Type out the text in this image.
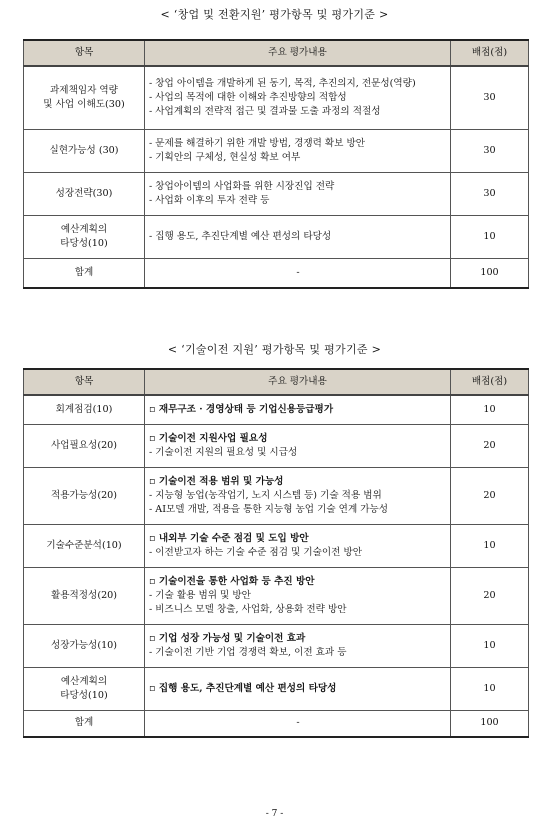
< ‘창업 및 전환지원’ 평가항목 및 평가기준 >
항목	주요 평가내용	배점(점)

과제책임자 역량
및 사업 이해도(30)	- 창업 아이템을 개발하게 된 동기, 목적, 추진의지, 전문성(역량)
- 사업의 목적에 대한 이해와 추진방향의 적합성
- 사업계획의 전략적 접근 및 결과물 도출 과정의 적절성	30

실현가능성 (30)	- 문제를 해결하기 위한 개발 방법, 경쟁력 확보 방안
- 기획안의 구체성, 현실성 확보 여부	30

성장전략(30)	- 창업아이템의 사업화를 위한 시장진입 전략
- 사업화 이후의 투자 전략 등	30

예산계획의
타당성(10)	- 집행 용도, 추진단계별 예산 편성의 타당성	10

합계	-	100
< ‘기술이전 지원’ 평가항목 및 평가기준 >
항목	주요 평가내용	배점(점)

회계점검(10)	▫ 재무구조 · 경영상태 등 기업신용등급평가	10

사업필요성(20)	▫ 기술이전 지원사업 필요성
- 기술이전 지원의 필요성 및 시급성	20

적용가능성(20)	▫ 기술이전 적용 범위 및 가능성
- 지능형 농업(농작업기, 노지 시스템 등) 기술 적용 범위
- AI모델 개발, 적용을 통한 지능형 농업 기술 연계 가능성	20

기술수준분석(10)	▫ 내외부 기술 수준 점검 및 도입 방안
- 이전받고자 하는 기술 수준 점검 및 기술이전 방안	10

활용적정성(20)	▫ 기술이전을 통한 사업화 등 추진 방안
- 기술 활용 범위 및 방안
- 비즈니스 모델 창출, 사업화, 상용화 전략 방안	20

성장가능성(10)	▫ 기업 성장 가능성 및 기술이전 효과
- 기술이전 기반 기업 경쟁력 확보, 이전 효과 등	10

예산계획의
타당성(10)	▫ 집행 용도, 추진단계별 예산 편성의 타당성	10

합계	-	100
- 7 -
